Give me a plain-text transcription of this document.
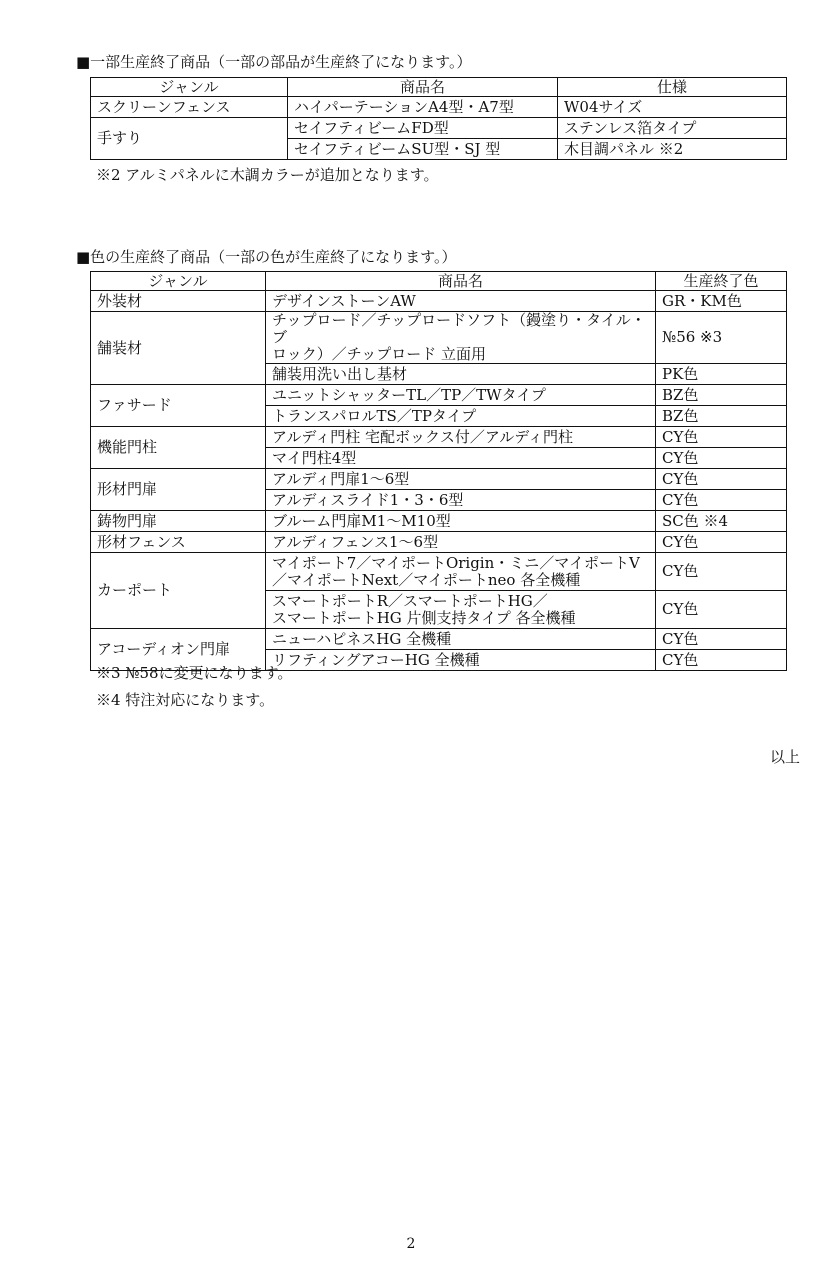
■一部生産終了商品（一部の部品が生産終了になります。）
ジャンル	商品名	仕様
スクリーンフェンス	ハイパーテーションA4型・A7型	W04サイズ
手すり	セイフティビームFD型	ステンレス箔タイプ
	セイフティビームSU型・SJ 型	木目調パネル ※2
※2 アルミパネルに木調カラーが追加となります。
■色の生産終了商品（一部の色が生産終了になります。）
ジャンル	商品名	生産終了色
外装材	デザインストーンAW	GR・KM色
舗装材	チップロード／チップロードソフト（鏝塗り・タイル・ブ
ロック）／チップロード 立面用	№56 ※3
	舗装用洗い出し基材	PK色
ファサード	ユニットシャッターTL／TP／TWタイプ	BZ色
	トランスパロルTS／TPタイプ	BZ色
機能門柱	アルディ門柱 宅配ボックス付／アルディ門柱	CY色
	マイ門柱4型	CY色
形材門扉	アルディ門扉1～6型	CY色
	アルディスライド1・3・6型	CY色
鋳物門扉	ブルーム門扉M1～M10型	SC色 ※4
形材フェンス	アルディフェンス1～6型	CY色
カーポート	マイポート7／マイポートOrigin・ミニ／マイポートV
／マイポートNext／マイポートneo 各全機種	CY色

	スマートポートR／スマートポートHG／
スマートポートHG 片側支持タイプ 各全機種	CY色
アコーディオン門扉	ニューハピネスHG 全機種	CY色
	リフティングアコーHG 全機種	CY色
※3 №58に変更になります。
※4 特注対応になります。
以上
2
